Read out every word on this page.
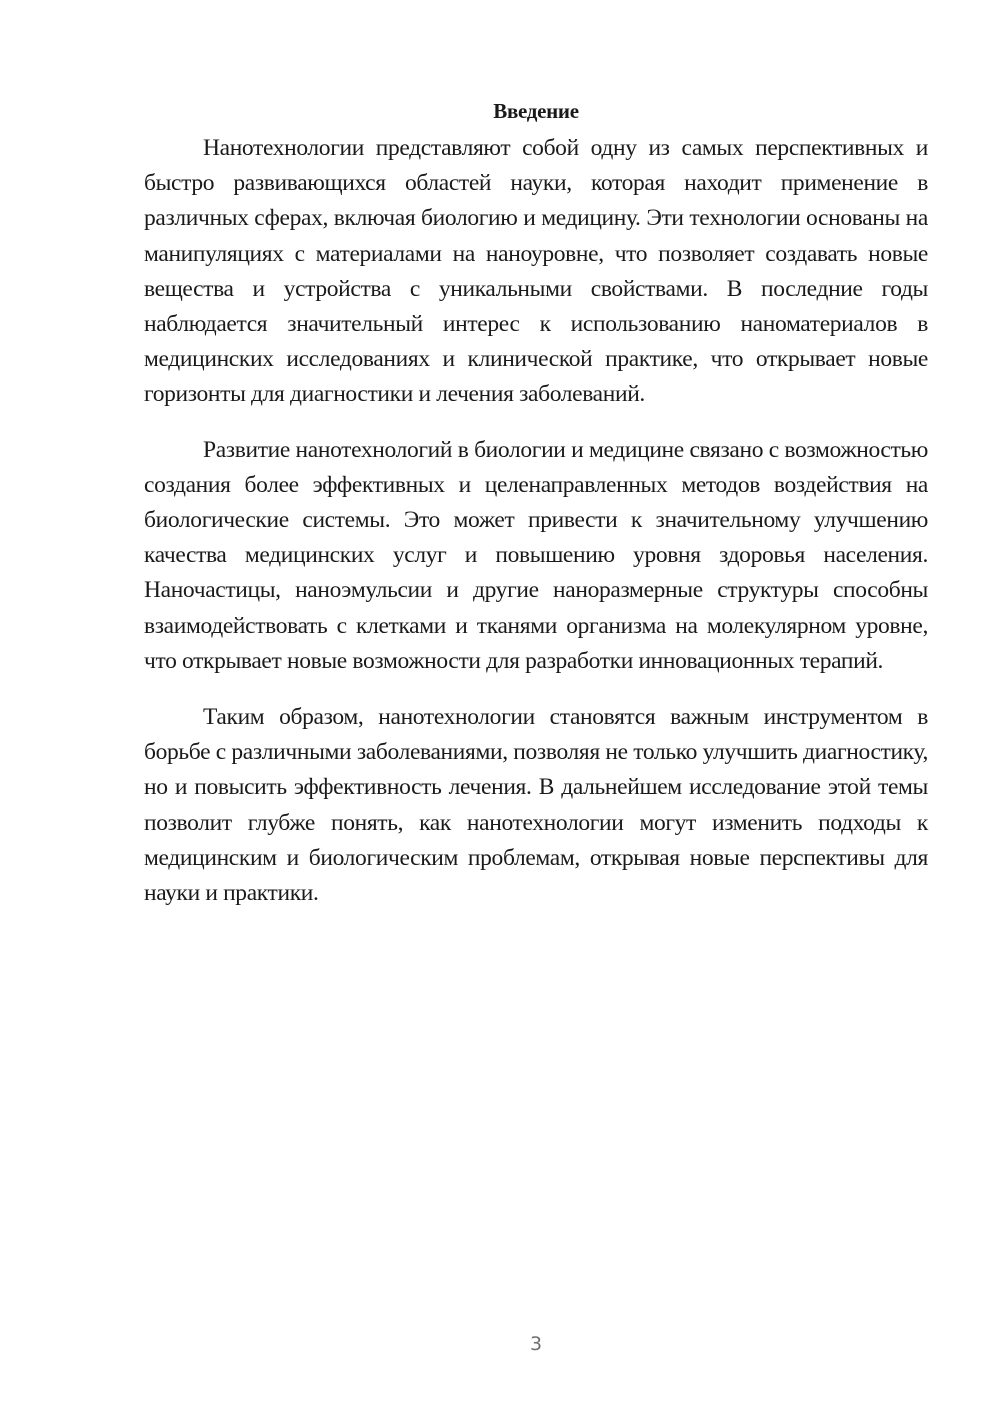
Введение

Нанотехнологии представляют собой одну из самых перспективных и быстро развивающихся областей науки, которая находит применение в различных сферах, включая биологию и медицину. Эти технологии основаны на манипуляциях с материалами на наноуровне, что позволяет создавать новые вещества и устройства с уникальными свойствами. В последние годы наблюдается значительный интерес к использованию наноматериалов в медицинских исследованиях и клинической практике, что открывает новые горизонты для диагностики и лечения заболеваний.

Развитие нанотехнологий в биологии и медицине связано с возможностью создания более эффективных и целенаправленных методов воздействия на биологические системы. Это может привести к значительному улучшению качества медицинских услуг и повышению уровня здоровья населения. Наночастицы, наноэмульсии и другие наноразмерные структуры способны взаимодействовать с клетками и тканями организма на молекулярном уровне, что открывает новые возможности для разработки инновационных терапий.

Таким образом, нанотехнологии становятся важным инструментом в борьбе с различными заболеваниями, позволяя не только улучшить диагностику, но и повысить эффективность лечения. В дальнейшем исследование этой темы позволит глубже понять, как нанотехнологии могут изменить подходы к медицинским и биологическим проблемам, открывая новые перспективы для науки и практики.

3
